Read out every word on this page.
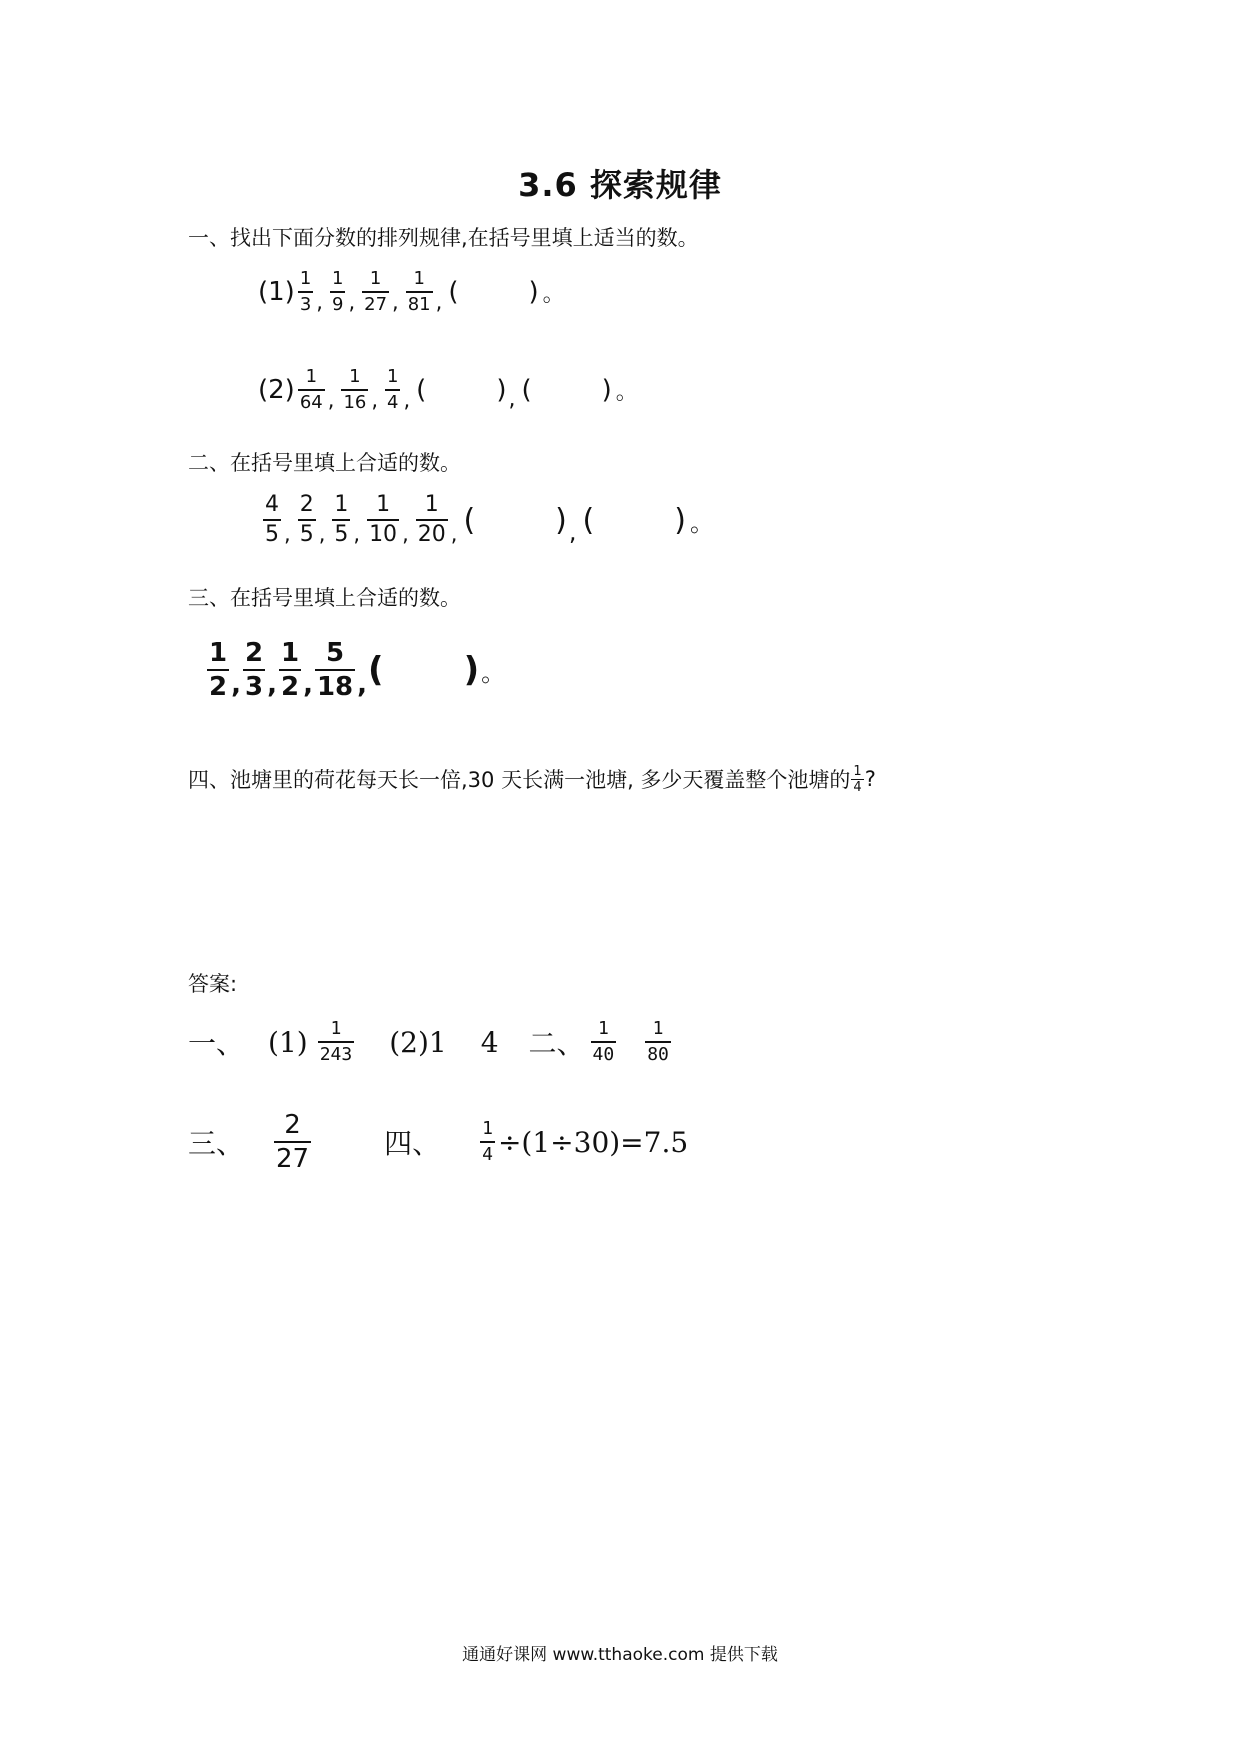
3.6 探索规律
一、找出下面分数的排列规律,在括号里填上适当的数。
$(1) \frac{1}{3}$ , $\frac{1}{9}$ , $\frac{1}{27}$ , $\frac{1}{81}$ , (	) 。
$(2) \frac{1}{64}$ , $\frac{1}{16}$ , $\frac{1}{4}$ , (	) , (	) 。
二、在括号里填上合适的数。
$\frac{4}{5}$ , $\frac{2}{5}$ , $\frac{1}{5}$ , $\frac{1}{10}$ , $\frac{1}{20}$ , (	) , (	) 。
三、在括号里填上合适的数。
$\frac{1}{2}$ , $\frac{2}{3}$ , $\frac{1}{2}$ , $\frac{5}{18}$ , ( ) 。
四、池塘里的荷花每天长一倍,30 天长满一池塘, 多少天覆盖整个池塘的 $\frac{1}{4}$ ?
答案:
一、 $(1) \frac{1}{243} (2)1$ 4 二、 $\frac{1}{40} \frac{1}{80}$
三、 $\frac{2}{27}$	四、 $\frac{1}{4} \div(1\div 30)=7.5$
通通好课网 www.tthaoke.com 提供下载
